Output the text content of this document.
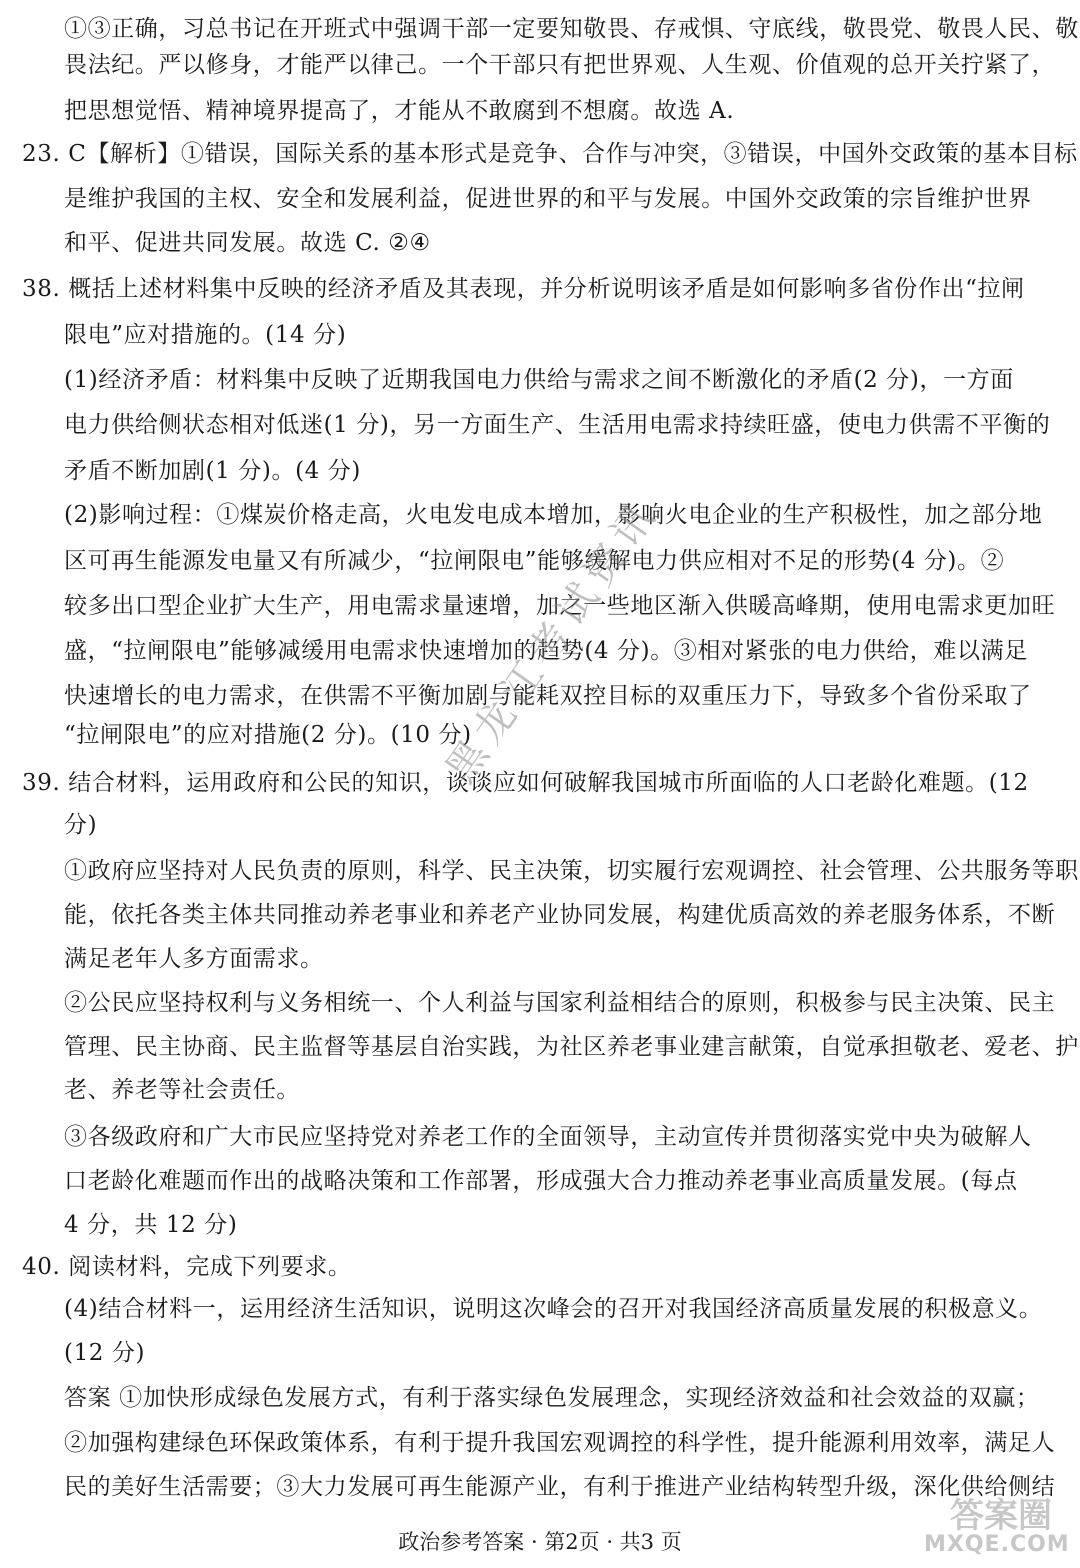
①③正确，习总书记在开班式中强调干部一定要知敬畏、存戒惧、守底线，敬畏党、敬畏人民、敬
畏法纪。严以修身，才能严以律己。一个干部只有把世界观、人生观、价值观的总开关拧紧了，
把思想觉悟、精神境界提高了，才能从不敢腐到不想腐。故选 A.
23. C【解析】①错误，国际关系的基本形式是竞争、合作与冲突，③错误，中国外交政策的基本目标
是维护我国的主权、安全和发展利益，促进世界的和平与发展。中国外交政策的宗旨维护世界
和平、促进共同发展。故选 C. ②④
38. 概括上述材料集中反映的经济矛盾及其表现，并分析说明该矛盾是如何影响多省份作出“拉闸
限电”应对措施的。(14 分)
(1)经济矛盾：材料集中反映了近期我国电力供给与需求之间不断激化的矛盾(2 分)，一方面
电力供给侧状态相对低迷(1 分)，另一方面生产、生活用电需求持续旺盛，使电力供需不平衡的
矛盾不断加剧(1 分)。(4 分)
(2)影响过程：①煤炭价格走高，火电发电成本增加，影响火电企业的生产积极性，加之部分地
区可再生能源发电量又有所减少，“拉闸限电”能够缓解电力供应相对不足的形势(4 分)。②
较多出口型企业扩大生产，用电需求量速增，加之一些地区渐入供暖高峰期，使用电需求更加旺
盛，“拉闸限电”能够减缓用电需求快速增加的趋势(4 分)。③相对紧张的电力供给，难以满足
快速增长的电力需求，在供需不平衡加剧与能耗双控目标的双重压力下，导致多个省份采取了
“拉闸限电”的应对措施(2 分)。(10 分)
39. 结合材料，运用政府和公民的知识，谈谈应如何破解我国城市所面临的人口老龄化难题。(12
分)
①政府应坚持对人民负责的原则，科学、民主决策，切实履行宏观调控、社会管理、公共服务等职
能，依托各类主体共同推动养老事业和养老产业协同发展，构建优质高效的养老服务体系，不断
满足老年人多方面需求。
②公民应坚持权利与义务相统一、个人利益与国家利益相结合的原则，积极参与民主决策、民主
管理、民主协商、民主监督等基层自治实践，为社区养老事业建言献策，自觉承担敬老、爱老、护
老、养老等社会责任。
③各级政府和广大市民应坚持党对养老工作的全面领导，主动宣传并贯彻落实党中央为破解人
口老龄化难题而作出的战略决策和工作部署，形成强大合力推动养老事业高质量发展。(每点
4 分，共 12 分)
40. 阅读材料，完成下列要求。
(4)结合材料一，运用经济生活知识，说明这次峰会的召开对我国经济高质量发展的积极意义。
(12 分)
答案 ①加快形成绿色发展方式，有利于落实绿色发展理念，实现经济效益和社会效益的双赢；
②加强构建绿色环保政策体系，有利于提升我国宏观调控的科学性，提升能源利用效率，满足人
民的美好生活需要；③大力发展可再生能源产业，有利于推进产业结构转型升级，深化供给侧结
黑龙江考试资讯
政治参考答案 · 第2页 · 共3 页
答案圈
MXQE.COM
